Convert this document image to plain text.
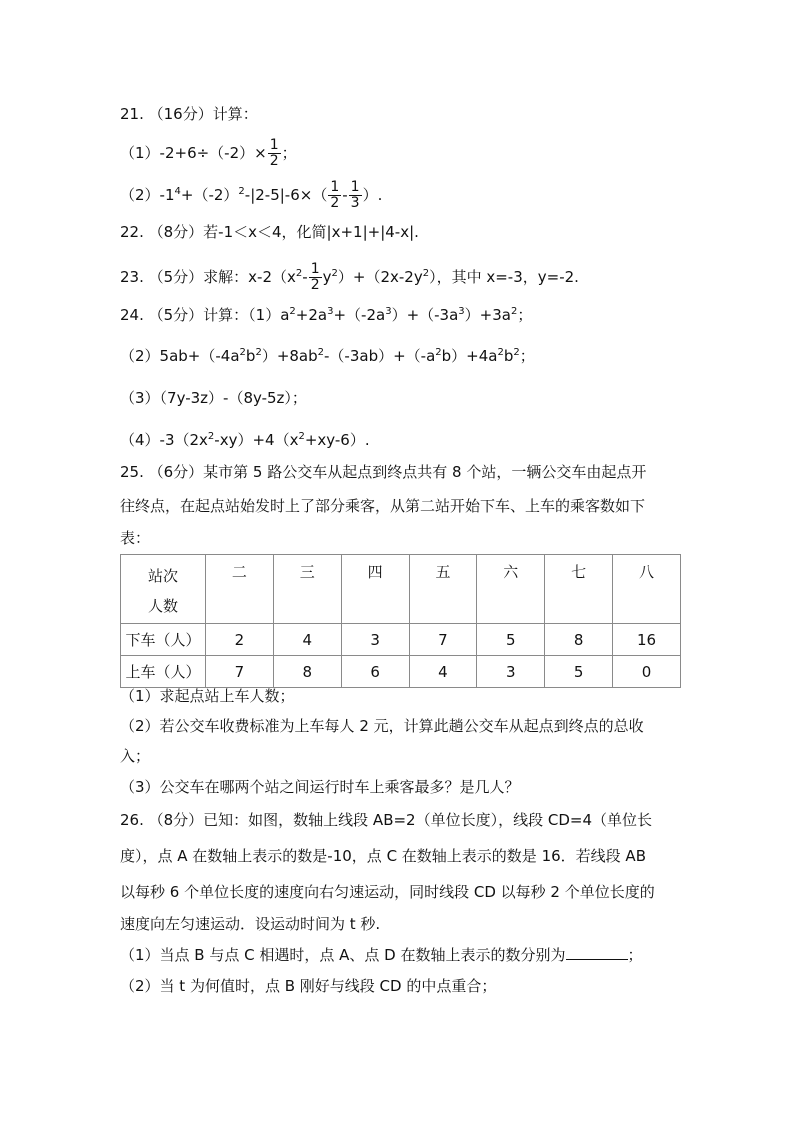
21. （16分）计算：
$(1)-2+6\div(-2)\times \frac{1}{2}$ ；
$(2)-1^4+(-2)^2-|2-5|-6\times( \frac{1}{2} - \frac{1}{3}$ ）.
22. （8分）若-1＜x＜4，化简|x+1|+|4-x|.
23. （5分）求解：$x-2(x^2- \frac{1}{2} y^2)+(2x-2y^2)$，其中 x=-3，y=-2.
24. （5分）计算：$(1)a^2+2a^3+(-2a^3)+(-3a^3)+3a^2$；
$(2)5ab+(-4a^2b^2)+8ab^2-(-3ab)+(-a^2b)+4a^2b^2$；
（3）（7y-3z）-（8y-5z）；
$(4)-3(2x^2-xy)+4(x^2+xy-6)$.
25. （6分）某市第 5 路公交车从起点到终点共有 8 个站，一辆公交车由起点开
往终点，在起点站始发时上了部分乘客，从第二站开始下车、上车的乘客数如下
表：
站次
人数	二	三	四	五	六	七	八
下车（人）	2	4	3	7	5	8	16
上车（人）	7	8	6	4	3	5	0
（1）求起点站上车人数；
（2）若公交车收费标准为上车每人 2 元，计算此趟公交车从起点到终点的总收
入；
（3）公交车在哪两个站之间运行时车上乘客最多？是几人？
26. （8分）已知：如图，数轴上线段 AB=2（单位长度），线段 CD=4（单位长
度），点 A 在数轴上表示的数是-10，点 C 在数轴上表示的数是 16．若线段 AB
以每秒 6 个单位长度的速度向右匀速运动，同时线段 CD 以每秒 2 个单位长度的
速度向左匀速运动．设运动时间为 t 秒.
（1）当点 B 与点 C 相遇时，点 A、点 D 在数轴上表示的数分别为	；
（2）当 t 为何值时，点 B 刚好与线段 CD 的中点重合；
